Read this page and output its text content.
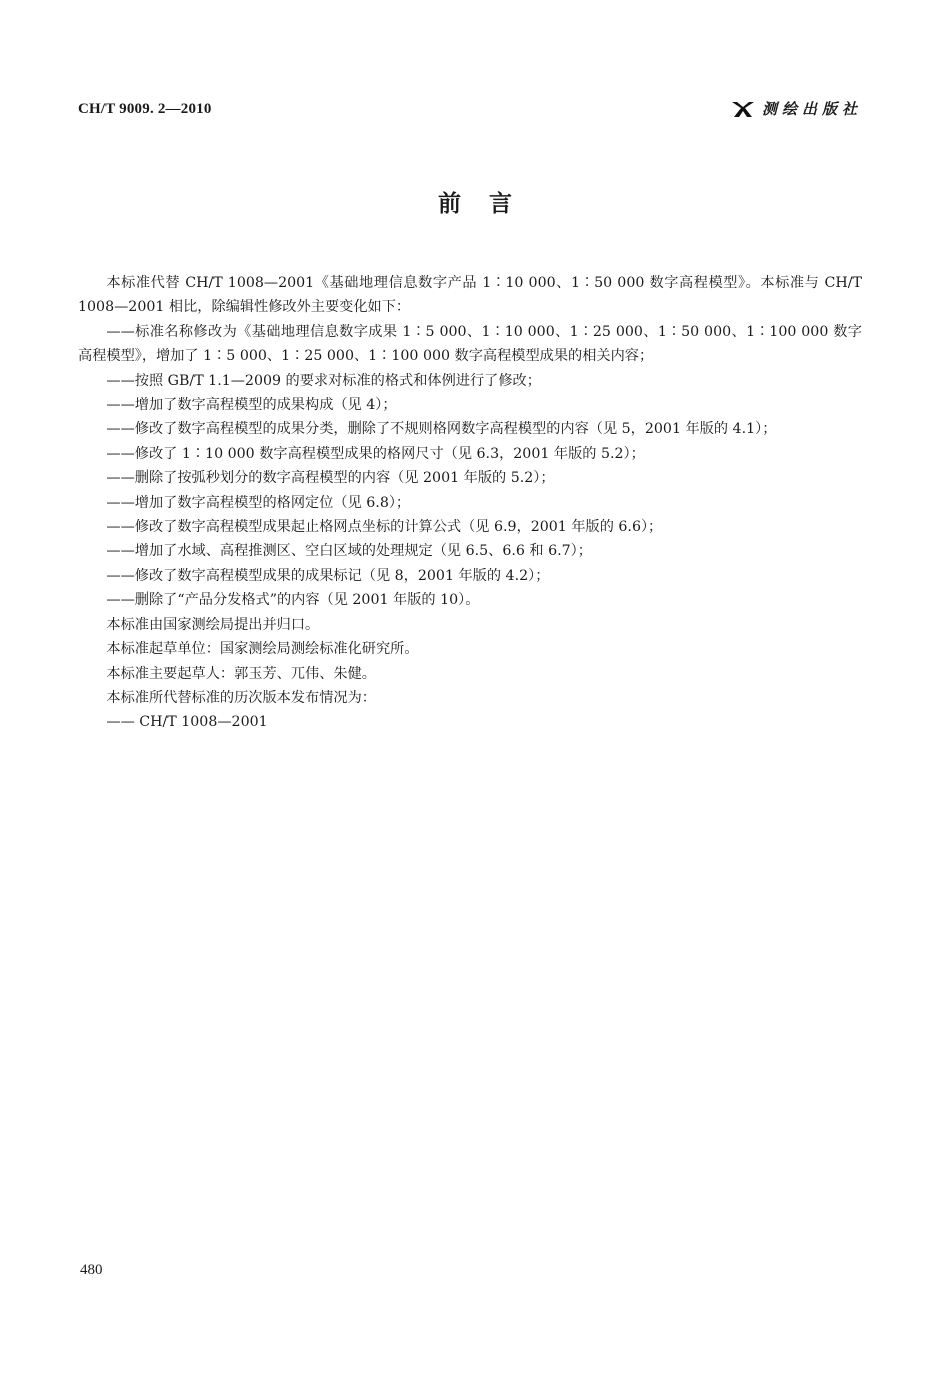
CH/T 9009. 2—2010	测绘出版社
前言

本标准代替 CH/T 1008—2001《基础地理信息数字产品 1∶10 000、1∶50 000 数字高程模型》。本标准与 CH/T 1008—2001 相比，除编辑性修改外主要变化如下：

——标准名称修改为《基础地理信息数字成果 1∶5 000、1∶10 000、1∶25 000、1∶50 000、1∶100 000 数字高程模型》，增加了 1∶5 000、1∶25 000、1∶100 000 数字高程模型成果的相关内容；

——按照 GB/T 1.1—2009 的要求对标准的格式和体例进行了修改；

——增加了数字高程模型的成果构成（见 4）；

——修改了数字高程模型的成果分类，删除了不规则格网数字高程模型的内容（见 5，2001 年版的 4.1）；

——修改了 1∶10 000 数字高程模型成果的格网尺寸（见 6.3，2001 年版的 5.2）；

——删除了按弧秒划分的数字高程模型的内容（见 2001 年版的 5.2）；

——增加了数字高程模型的格网定位（见 6.8）；

——修改了数字高程模型成果起止格网点坐标的计算公式（见 6.9，2001 年版的 6.6）；

——增加了水域、高程推测区、空白区域的处理规定（见 6.5、6.6 和 6.7）；

——修改了数字高程模型成果的成果标记（见 8，2001 年版的 4.2）；

——删除了“产品分发格式”的内容（见 2001 年版的 10）。

本标准由国家测绘局提出并归口。

本标准起草单位：国家测绘局测绘标准化研究所。

本标准主要起草人：郭玉芳、兀伟、朱健。

本标准所代替标准的历次版本发布情况为：

—— CH/T 1008—2001

480
